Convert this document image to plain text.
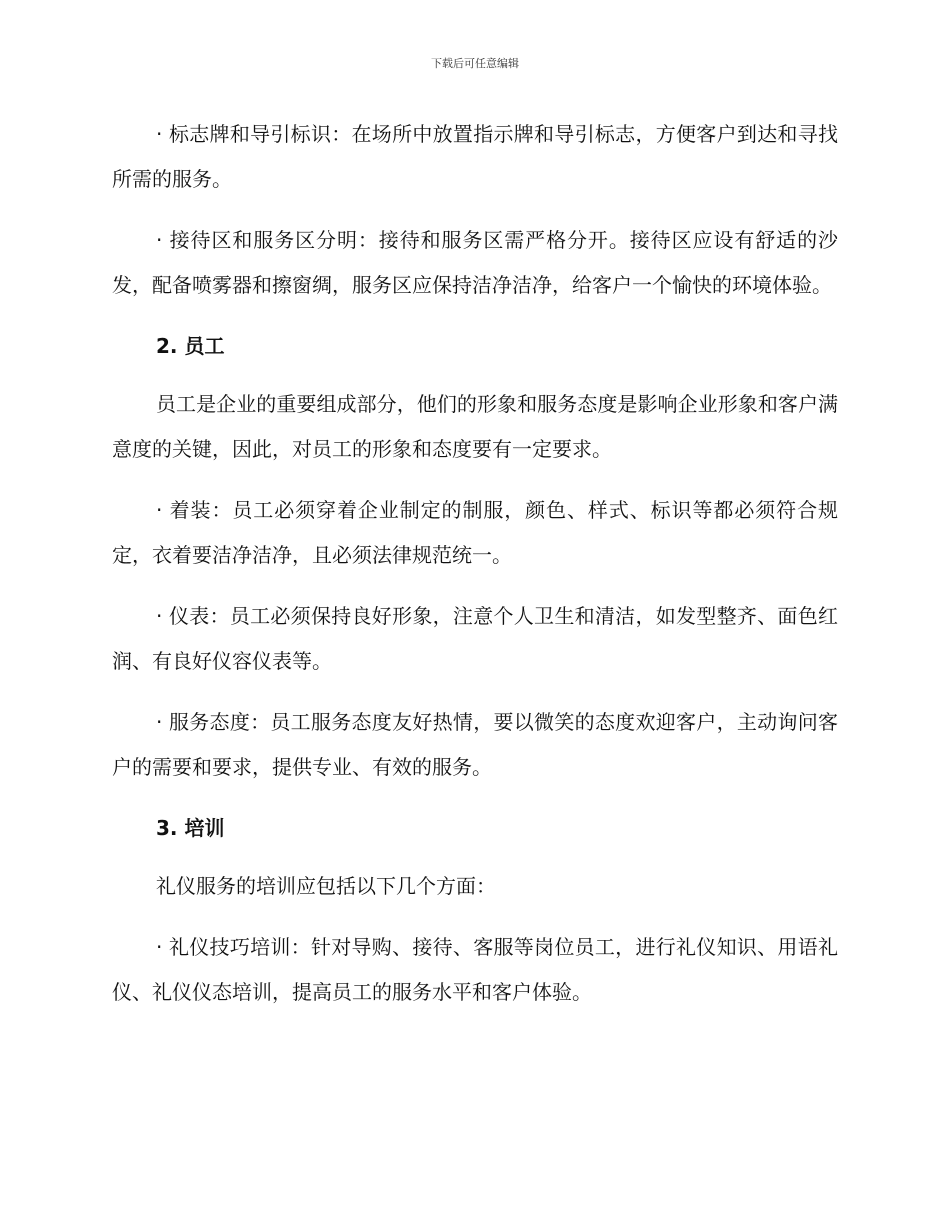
下载后可任意编辑

· 标志牌和导引标识：在场所中放置指示牌和导引标志，方便客户到达和寻找所需的服务。

· 接待区和服务区分明：接待和服务区需严格分开。接待区应设有舒适的沙发，配备喷雾器和擦窗绸，服务区应保持洁净洁净，给客户一个愉快的环境体验。

2. 员工

员工是企业的重要组成部分，他们的形象和服务态度是影响企业形象和客户满意度的关键，因此，对员工的形象和态度要有一定要求。

· 着装：员工必须穿着企业制定的制服，颜色、样式、标识等都必须符合规定，衣着要洁净洁净，且必须法律规范统一。

· 仪表：员工必须保持良好形象，注意个人卫生和清洁，如发型整齐、面色红润、有良好仪容仪表等。

· 服务态度：员工服务态度友好热情，要以微笑的态度欢迎客户，主动询问客户的需要和要求，提供专业、有效的服务。

3. 培训

礼仪服务的培训应包括以下几个方面：

· 礼仪技巧培训：针对导购、接待、客服等岗位员工，进行礼仪知识、用语礼仪、礼仪仪态培训，提高员工的服务水平和客户体验。
